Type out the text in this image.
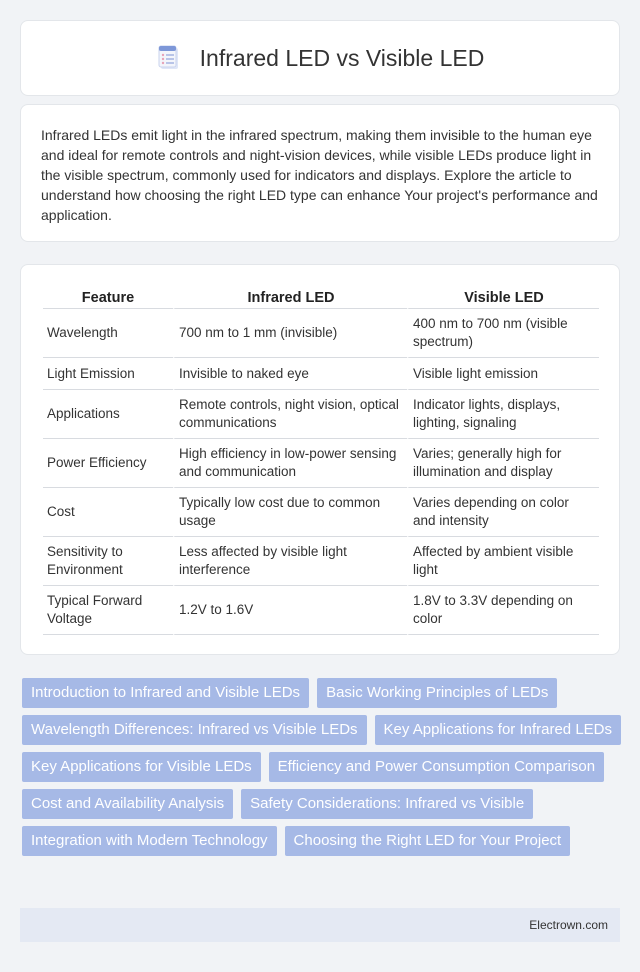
Infrared LED vs Visible LED

Infrared LEDs emit light in the infrared spectrum, making them invisible to the human eye and ideal for remote controls and night-vision devices, while visible LEDs produce light in the visible spectrum, commonly used for indicators and displays. Explore the article to understand how choosing the right LED type can enhance Your project's performance and application.

Feature	Infrared LED	Visible LED
Wavelength	700 nm to 1 mm (invisible)	400 nm to 700 nm (visible spectrum)
Light Emission	Invisible to naked eye	Visible light emission
Applications	Remote controls, night vision, optical communications	Indicator lights, displays, lighting, signaling
Power Efficiency	High efficiency in low-power sensing and communication	Varies; generally high for illumination and display
Cost	Typically low cost due to common usage	Varies depending on color and intensity
Sensitivity to Environment	Less affected by visible light interference	Affected by ambient visible light
Typical Forward Voltage	1.2V to 1.6V	1.8V to 3.3V depending on color
Introduction to Infrared and Visible LEDs	Basic Working Principles of LEDs
Wavelength Differences: Infrared vs Visible LEDs	Key Applications for Infrared LEDs
Key Applications for Visible LEDs	Efficiency and Power Consumption Comparison
Cost and Availability Analysis	Safety Considerations: Infrared vs Visible
Integration with Modern Technology	Choosing the Right LED for Your Project
Electrown.com
